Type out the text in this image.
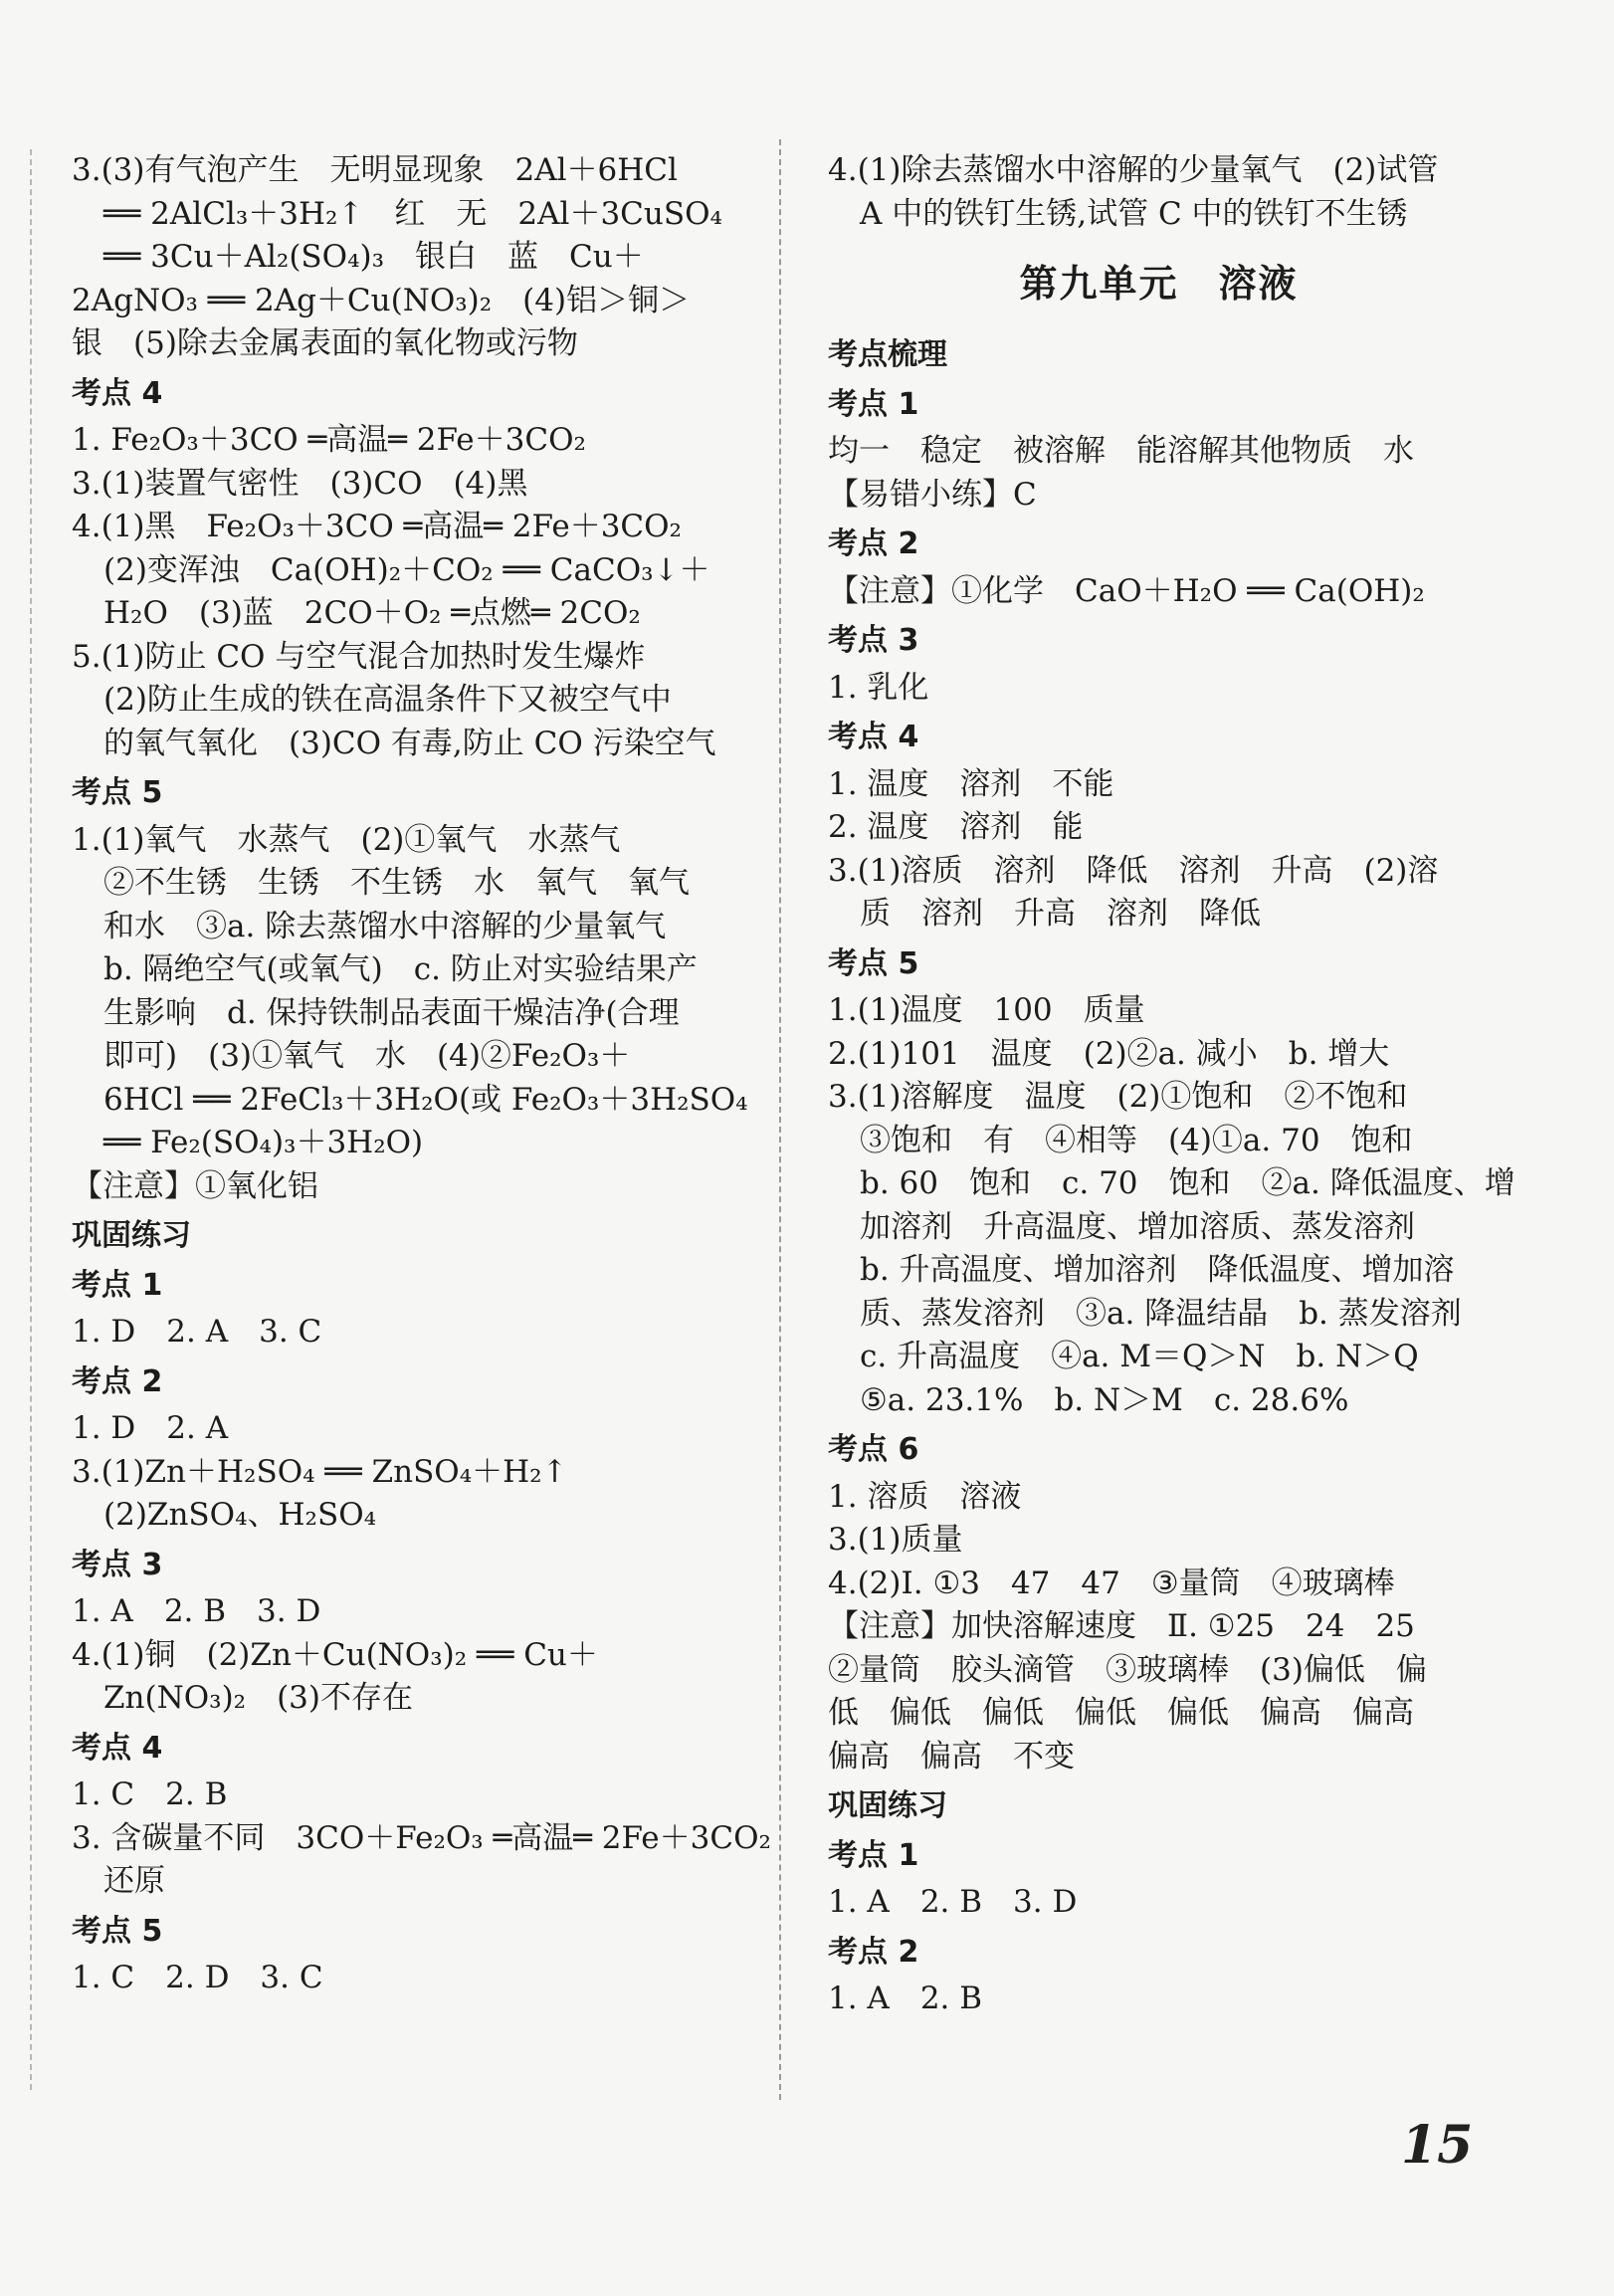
3.(3)有气泡产生　无明显现象　2Al＋6HCl
══ 2AlCl₃＋3H₂↑　红　无　2Al＋3CuSO₄
══ 3Cu＋Al₂(SO₄)₃　银白　蓝　Cu＋
2AgNO₃ ══ 2Ag＋Cu(NO₃)₂　(4)铝＞铜＞
银　(5)除去金属表面的氧化物或污物
考点 4
1. Fe₂O₃＋3CO ═高温═ 2Fe＋3CO₂
3.(1)装置气密性　(3)CO　(4)黑
4.(1)黑　Fe₂O₃＋3CO ═高温═ 2Fe＋3CO₂
(2)变浑浊　Ca(OH)₂＋CO₂ ══ CaCO₃↓＋
H₂O　(3)蓝　2CO＋O₂ ═点燃═ 2CO₂
5.(1)防止 CO 与空气混合加热时发生爆炸
(2)防止生成的铁在高温条件下又被空气中
的氧气氧化　(3)CO 有毒,防止 CO 污染空气
考点 5
1.(1)氧气　水蒸气　(2)①氧气　水蒸气
②不生锈　生锈　不生锈　水　氧气　氧气
和水　③a. 除去蒸馏水中溶解的少量氧气
b. 隔绝空气(或氧气)　c. 防止对实验结果产
生影响　d. 保持铁制品表面干燥洁净(合理
即可)　(3)①氧气　水　(4)②Fe₂O₃＋
6HCl ══ 2FeCl₃＋3H₂O(或 Fe₂O₃＋3H₂SO₄
══ Fe₂(SO₄)₃＋3H₂O)
【注意】①氧化铝
巩固练习
考点 1
1. D　2. A　3. C
考点 2
1. D　2. A
3.(1)Zn＋H₂SO₄ ══ ZnSO₄＋H₂↑
(2)ZnSO₄、H₂SO₄
考点 3
1. A　2. B　3. D
4.(1)铜　(2)Zn＋Cu(NO₃)₂ ══ Cu＋
Zn(NO₃)₂　(3)不存在
考点 4
1. C　2. B
3. 含碳量不同　3CO＋Fe₂O₃ ═高温═ 2Fe＋3CO₂
还原
考点 5
1. C　2. D　3. C
4.(1)除去蒸馏水中溶解的少量氧气　(2)试管
A 中的铁钉生锈,试管 C 中的铁钉不生锈
第九单元　溶液
考点梳理
考点 1
均一　稳定　被溶解　能溶解其他物质　水
【易错小练】C
考点 2
【注意】①化学　CaO＋H₂O ══ Ca(OH)₂
考点 3
1. 乳化
考点 4
1. 温度　溶剂　不能
2. 温度　溶剂　能
3.(1)溶质　溶剂　降低　溶剂　升高　(2)溶
质　溶剂　升高　溶剂　降低
考点 5
1.(1)温度　100　质量
2.(1)101　温度　(2)②a. 减小　b. 增大
3.(1)溶解度　温度　(2)①饱和　②不饱和
③饱和　有　④相等　(4)①a. 70　饱和
b. 60　饱和　c. 70　饱和　②a. 降低温度、增
加溶剂　升高温度、增加溶质、蒸发溶剂
b. 升高温度、增加溶剂　降低温度、增加溶
质、蒸发溶剂　③a. 降温结晶　b. 蒸发溶剂
c. 升高温度　④a. M＝Q＞N　b. N＞Q
⑤a. 23.1%　b. N＞M　c. 28.6%
考点 6
1. 溶质　溶液
3.(1)质量
4.(2)Ⅰ. ①3　47　47　③量筒　④玻璃棒
【注意】加快溶解速度　Ⅱ. ①25　24　25
②量筒　胶头滴管　③玻璃棒　(3)偏低　偏
低　偏低　偏低　偏低　偏低　偏高　偏高
偏高　偏高　不变
巩固练习
考点 1
1. A　2. B　3. D
考点 2
1. A　2. B
15
